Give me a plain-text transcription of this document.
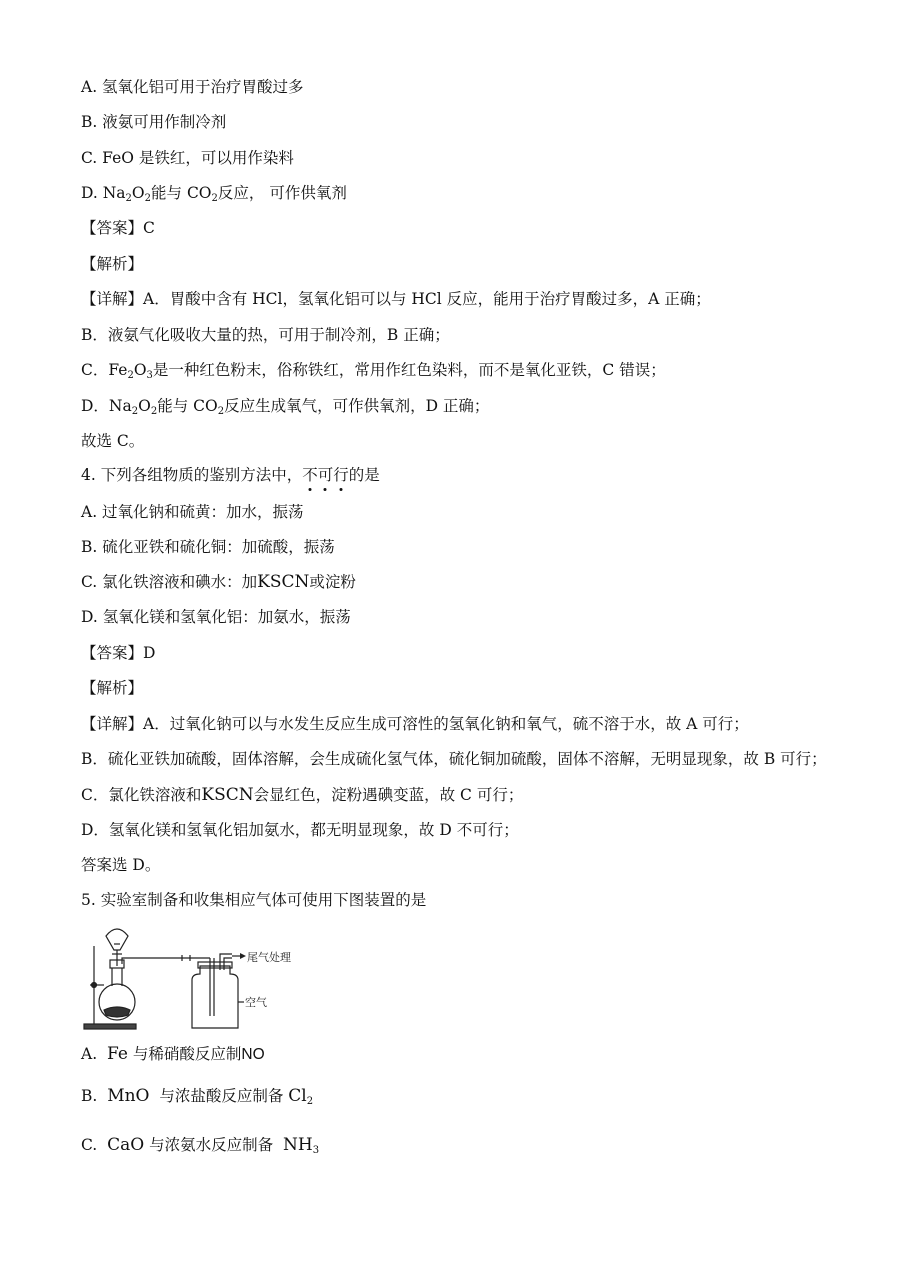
A. 氢氧化铝可用于治疗胃酸过多
B. 液氨可用作制冷剂
C. FeO 是铁红，可以用作染料
D. $Na_2O_2$能与 $CO_2$反应， 可作供氧剂
【答案】C
【解析】
【详解】A．胃酸中含有 HCl，氢氧化铝可以与 HCl 反应，能用于治疗胃酸过多，A 正确；
B．液氨气化吸收大量的热，可用于制冷剂，B 正确；
C．$Fe_2O_3$是一种红色粉末，俗称铁红，常用作红色染料，而不是氧化亚铁，C 错误；
D．$Na_2O_2$能与 $CO_2$反应生成氧气，可作供氧剂，D 正确；
故选 C。
4. 下列各组物质的鉴别方法中，不
可
行
的是
A. 过氧化钠和硫黄：加水，振荡
B. 硫化亚铁和硫化铜：加硫酸，振荡
C. 氯化铁溶液和碘水：加KSCN或淀粉
D. 氢氧化镁和氢氧化铝：加氨水，振荡
【答案】D
【解析】
【详解】A．过氧化钠可以与水发生反应生成可溶性的氢氧化钠和氧气，硫不溶于水，故 A 可行；
B．硫化亚铁加硫酸，固体溶解，会生成硫化氢气体，硫化铜加硫酸，固体不溶解，无明显现象，故 B 可行；
C．氯化铁溶液和KSCN会显红色，淀粉遇碘变蓝，故 C 可行；
D．氢氧化镁和氢氧化铝加氨水，都无明显现象，故 D 不可行；
答案选 D。
5. 实验室制备和收集相应气体可使用下图装置的是
尾气处理
空气
A. Fe 与稀硝酸反应制NO
B. MnO 与浓盐酸反应制备 $Cl_2$
C. CaO 与浓氨水反应制备 $NH_3$
